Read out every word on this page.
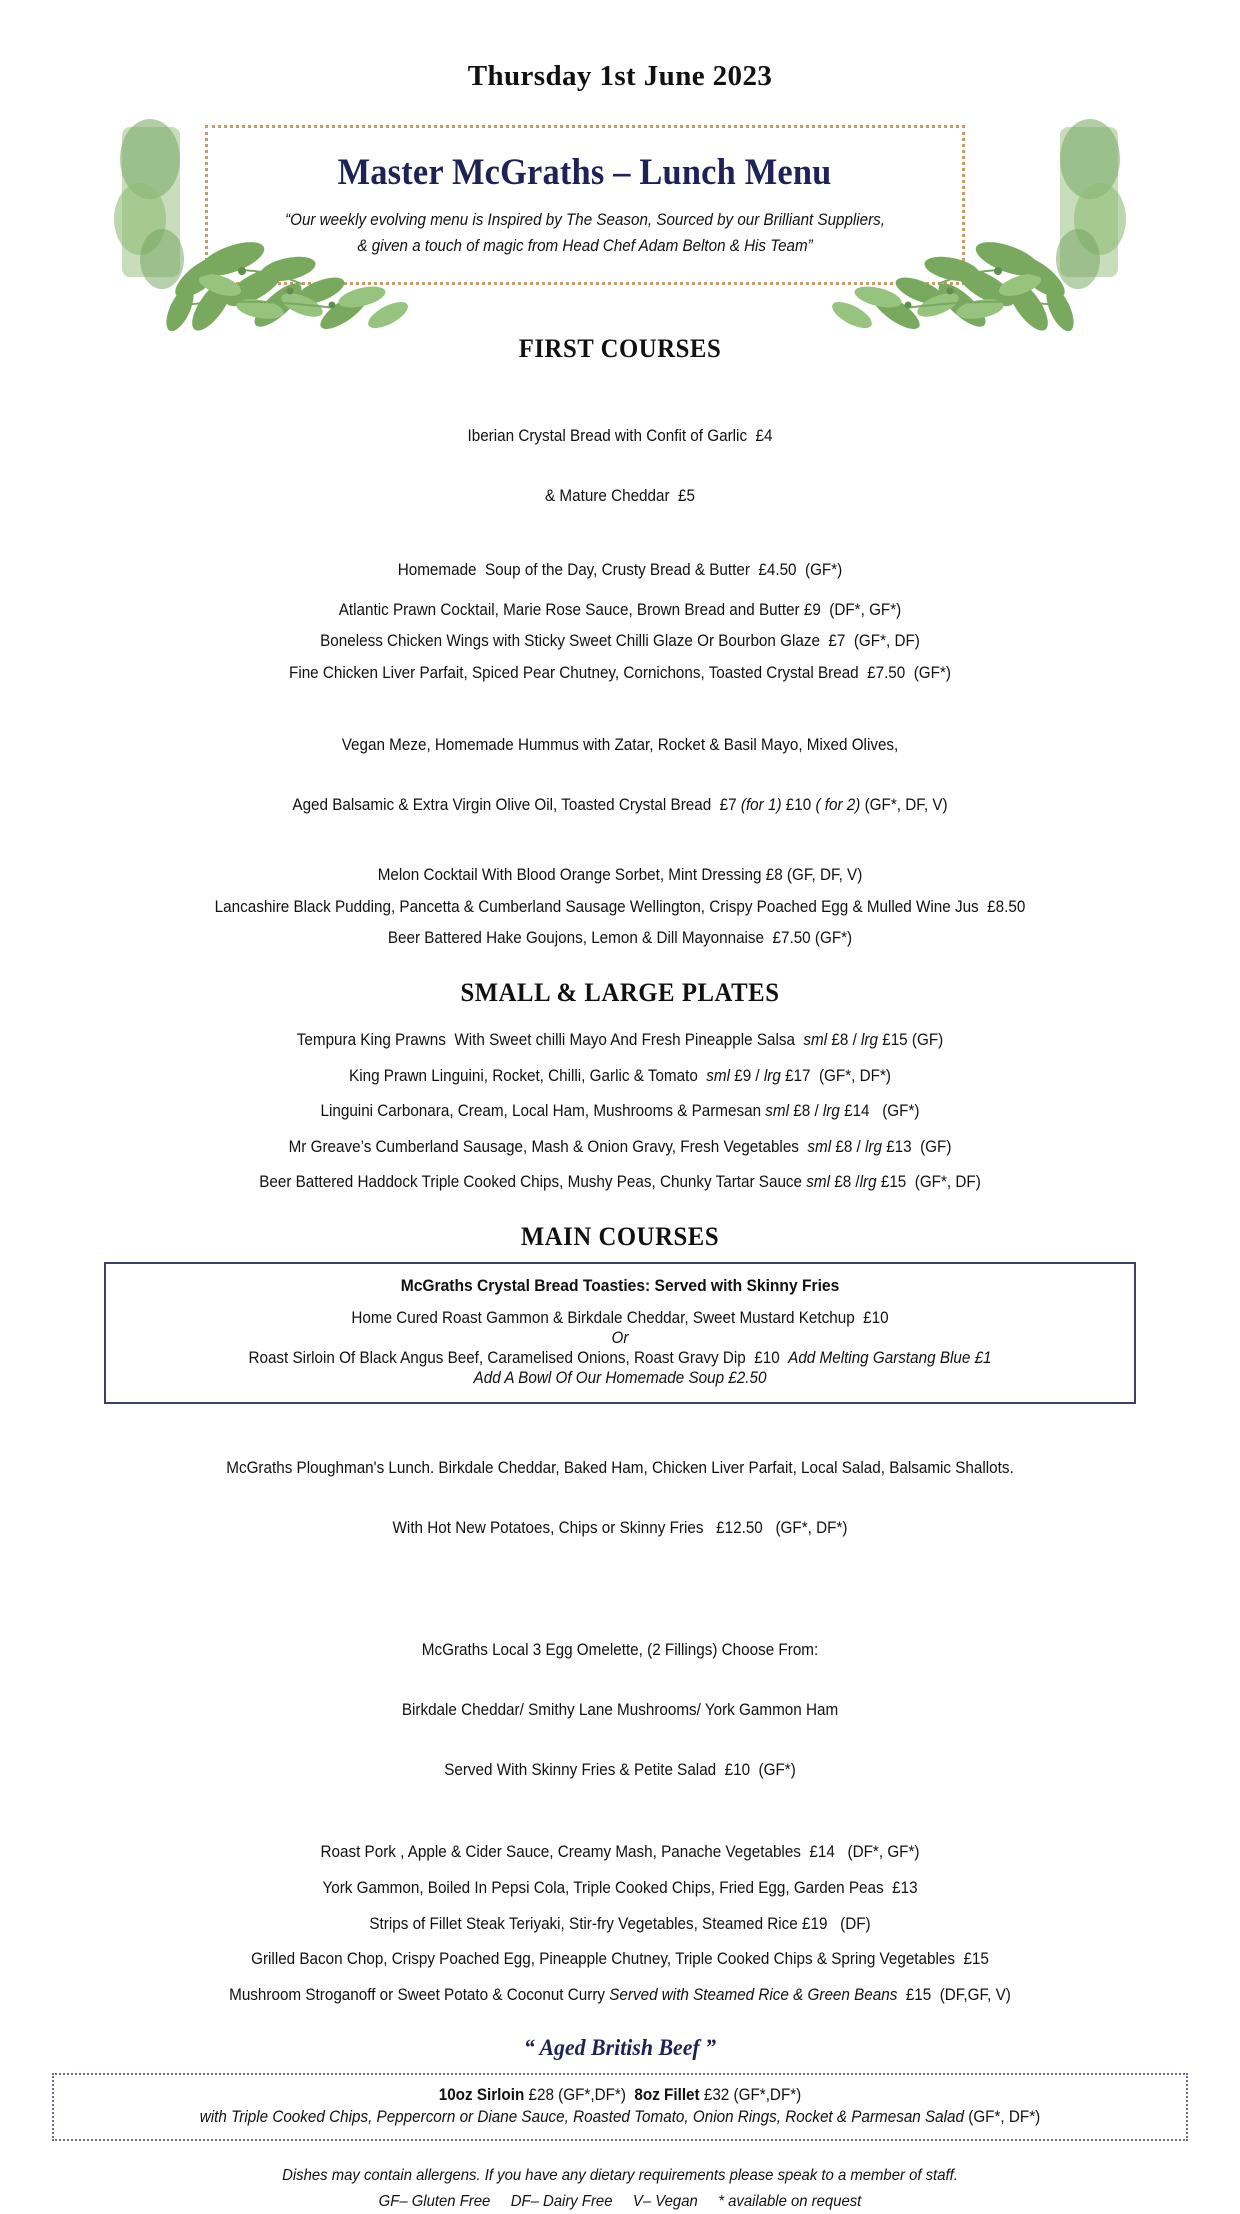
Thursday 1st June 2023
Master McGraths – Lunch Menu
“Our weekly evolving menu is Inspired by The Season, Sourced by our Brilliant Suppliers,
& given a touch of magic from Head Chef Adam Belton & His Team”
FIRST COURSES

Iberian Crystal Bread with Confit of Garlic  £4

& Mature Cheddar  £5

Homemade  Soup of the Day, Crusty Bread & Butter  £4.50  (GF*)
Atlantic Prawn Cocktail, Marie Rose Sauce, Brown Bread and Butter £9  (DF*, GF*)
Boneless Chicken Wings with Sticky Sweet Chilli Glaze Or Bourbon Glaze  £7  (GF*, DF)
Fine Chicken Liver Parfait, Spiced Pear Chutney, Cornichons, Toasted Crystal Bread  £7.50  (GF*)

Vegan Meze, Homemade Hummus with Zatar, Rocket & Basil Mayo, Mixed Olives,

Aged Balsamic & Extra Virgin Olive Oil, Toasted Crystal Bread  £7 (for 1) £10 ( for 2) (GF*, DF, V)

Melon Cocktail With Blood Orange Sorbet, Mint Dressing £8 (GF, DF, V)
Lancashire Black Pudding, Pancetta & Cumberland Sausage Wellington, Crispy Poached Egg & Mulled Wine Jus  £8.50
Beer Battered Hake Goujons, Lemon & Dill Mayonnaise  £7.50 (GF*)
SMALL & LARGE PLATES
Tempura King Prawns  With Sweet chilli Mayo And Fresh Pineapple Salsa  sml £8 / lrg £15 (GF)
King Prawn Linguini, Rocket, Chilli, Garlic & Tomato  sml £9 / lrg £17  (GF*, DF*)
Linguini Carbonara, Cream, Local Ham, Mushrooms & Parmesan sml £8 / lrg £14   (GF*)
Mr Greave’s Cumberland Sausage, Mash & Onion Gravy, Fresh Vegetables  sml £8 / lrg £13  (GF)
Beer Battered Haddock Triple Cooked Chips, Mushy Peas, Chunky Tartar Sauce sml £8 /lrg £15  (GF*, DF)
MAIN COURSES
McGraths Crystal Bread Toasties: Served with Skinny Fries
Home Cured Roast Gammon & Birkdale Cheddar, Sweet Mustard Ketchup  £10
Or
Roast Sirloin Of Black Angus Beef, Caramelised Onions, Roast Gravy Dip  £10  Add Melting Garstang Blue £1
Add A Bowl Of Our Homemade Soup £2.50

McGraths Ploughman's Lunch. Birkdale Cheddar, Baked Ham, Chicken Liver Parfait, Local Salad, Balsamic Shallots.

With Hot New Potatoes, Chips or Skinny Fries   £12.50   (GF*, DF*)

McGraths Local 3 Egg Omelette, (2 Fillings) Choose From:

Birkdale Cheddar/ Smithy Lane Mushrooms/ York Gammon Ham

Served With Skinny Fries & Petite Salad  £10  (GF*)

Roast Pork , Apple & Cider Sauce, Creamy Mash, Panache Vegetables  £14   (DF*, GF*)
York Gammon, Boiled In Pepsi Cola, Triple Cooked Chips, Fried Egg, Garden Peas  £13
Strips of Fillet Steak Teriyaki, Stir-fry Vegetables, Steamed Rice £19   (DF)
Grilled Bacon Chop, Crispy Poached Egg, Pineapple Chutney, Triple Cooked Chips & Spring Vegetables  £15
Mushroom Stroganoff or Sweet Potato & Coconut Curry Served with Steamed Rice & Green Beans  £15  (DF,GF, V)
“ Aged British Beef ”
10oz Sirloin £28 (GF*,DF*) 8oz Fillet £32 (GF*,DF*)
with Triple Cooked Chips, Peppercorn or Diane Sauce, Roasted Tomato, Onion Rings, Rocket & Parmesan Salad (GF*, DF*)
Dishes may contain allergens. If you have any dietary requirements please speak to a member of staff.
GF– Gluten Free DF– Dairy Free V– Vegan * available on request
